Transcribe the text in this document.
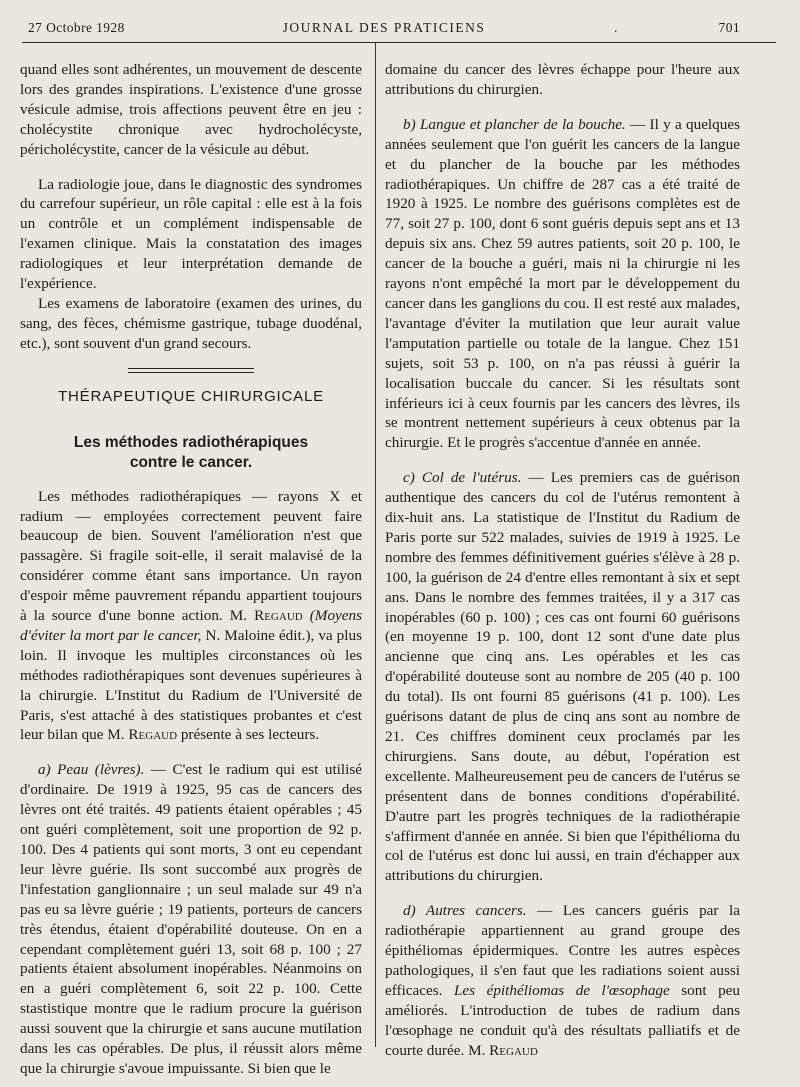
27 Octobre 1928	JOURNAL DES PRATICIENS	.	701

quand elles sont adhérentes, un mouvement de descente lors des grandes inspirations. L'existence d'une grosse vésicule admise, trois affections peuvent être en jeu : cholécystite chronique avec hydrocholécyste, péricholécystite, cancer de la vésicule au début.

La radiologie joue, dans le diagnostic des syndromes du carrefour supérieur, un rôle capital : elle est à la fois un contrôle et un complément indispensable de l'examen clinique. Mais la constatation des images radiologiques et leur interprétation demande de l'expérience.

Les examens de laboratoire (examen des urines, du sang, des fèces, chémisme gastrique, tubage duodénal, etc.), sont souvent d'un grand secours.

THÉRAPEUTIQUE CHIRURGICALE
Les méthodes radiothérapiques
contre le cancer.

Les méthodes radiothérapiques — rayons X et radium — employées correctement peuvent faire beaucoup de bien. Souvent l'amélioration n'est que passagère. Si fragile soit-elle, il serait malavisé de la considérer comme étant sans importance. Un rayon d'espoir même pauvrement répandu appartient toujours à la source d'une bonne action. M. Regaud (Moyens d'éviter la mort par le cancer, N. Maloine édit.), va plus loin. Il invoque les multiples circonstances où les méthodes radiothérapiques sont devenues supérieures à la chirurgie. L'Institut du Radium de l'Université de Paris, s'est attaché à des statistiques probantes et c'est leur bilan que M. Regaud présente à ses lecteurs.

a) Peau (lèvres). — C'est le radium qui est utilisé d'ordinaire. De 1919 à 1925, 95 cas de cancers des lèvres ont été traités. 49 patients étaient opérables ; 45 ont guéri complètement, soit une proportion de 92 p. 100. Des 4 patients qui sont morts, 3 ont eu cependant leur lèvre guérie. Ils sont succombé aux progrès de l'infestation ganglionnaire ; un seul malade sur 49 n'a pas eu sa lèvre guérie ; 19 patients, porteurs de cancers très étendus, étaient d'opérabilité douteuse. On en a cependant complètement guéri 13, soit 68 p. 100 ; 27 patients étaient absolument inopérables. Néanmoins on en a guéri complètement 6, soit 22 p. 100. Cette stastistique montre que le radium procure la guérison aussi souvent que la chirurgie et sans aucune mutilation dans les cas opérables. De plus, il réussit alors même que la chirurgie s'avoue impuissante. Si bien que le

domaine du cancer des lèvres échappe pour l'heure aux attributions du chirurgien.

b) Langue et plancher de la bouche. — Il y a quelques années seulement que l'on guérit les cancers de la langue et du plancher de la bouche par les méthodes radiothérapiques. Un chiffre de 287 cas a été traité de 1920 à 1925. Le nombre des guérisons complètes est de 77, soit 27 p. 100, dont 6 sont guéris depuis sept ans et 13 depuis six ans. Chez 59 autres patients, soit 20 p. 100, le cancer de la bouche a guéri, mais ni la chirurgie ni les rayons n'ont empêché la mort par le développement du cancer dans les ganglions du cou. Il est resté aux malades, l'avantage d'éviter la mutilation que leur aurait value l'amputation partielle ou totale de la langue. Chez 151 sujets, soit 53 p. 100, on n'a pas réussi à guérir la localisation buccale du cancer. Si les résultats sont inférieurs ici à ceux fournis par les cancers des lèvres, ils se montrent nettement supérieurs à ceux obtenus par la chirurgie. Et le progrès s'accentue d'année en année.

c) Col de l'utérus. — Les premiers cas de guérison authentique des cancers du col de l'utérus remontent à dix-huit ans. La statistique de l'Institut du Radium de Paris porte sur 522 malades, suivies de 1919 à 1925. Le nombre des femmes définitivement guéries s'élève à 28 p. 100, la guérison de 24 d'entre elles remontant à six et sept ans. Dans le nombre des femmes traitées, il y a 317 cas inopérables (60 p. 100) ; ces cas ont fourni 60 guérisons (en moyenne 19 p. 100, dont 12 sont d'une date plus ancienne que cinq ans. Les opérables et les cas d'opérabilité douteuse sont au nombre de 205 (40 p. 100 du total). Ils ont fourni 85 guérisons (41 p. 100). Les guérisons datant de plus de cinq ans sont au nombre de 21. Ces chiffres dominent ceux proclamés par les chirurgiens. Sans doute, au début, l'opération est excellente. Malheureusement peu de cancers de l'utérus se présentent dans de bonnes conditions d'opérabilité. D'autre part les progrès techniques de la radiothérapie s'affirment d'année en année. Si bien que l'épithélioma du col de l'utérus est donc lui aussi, en train d'échapper aux attributions du chirurgien.

d) Autres cancers. — Les cancers guéris par la radiothérapie appartiennent au grand groupe des épithéliomas épidermiques. Contre les autres espèces pathologiques, il s'en faut que les radiations soient aussi efficaces. Les épithéliomas de l'œsophage sont peu améliorés. L'introduction de tubes de radium dans l'œsophage ne conduit qu'à des résultats palliatifs et de courte durée. M. Regaud
